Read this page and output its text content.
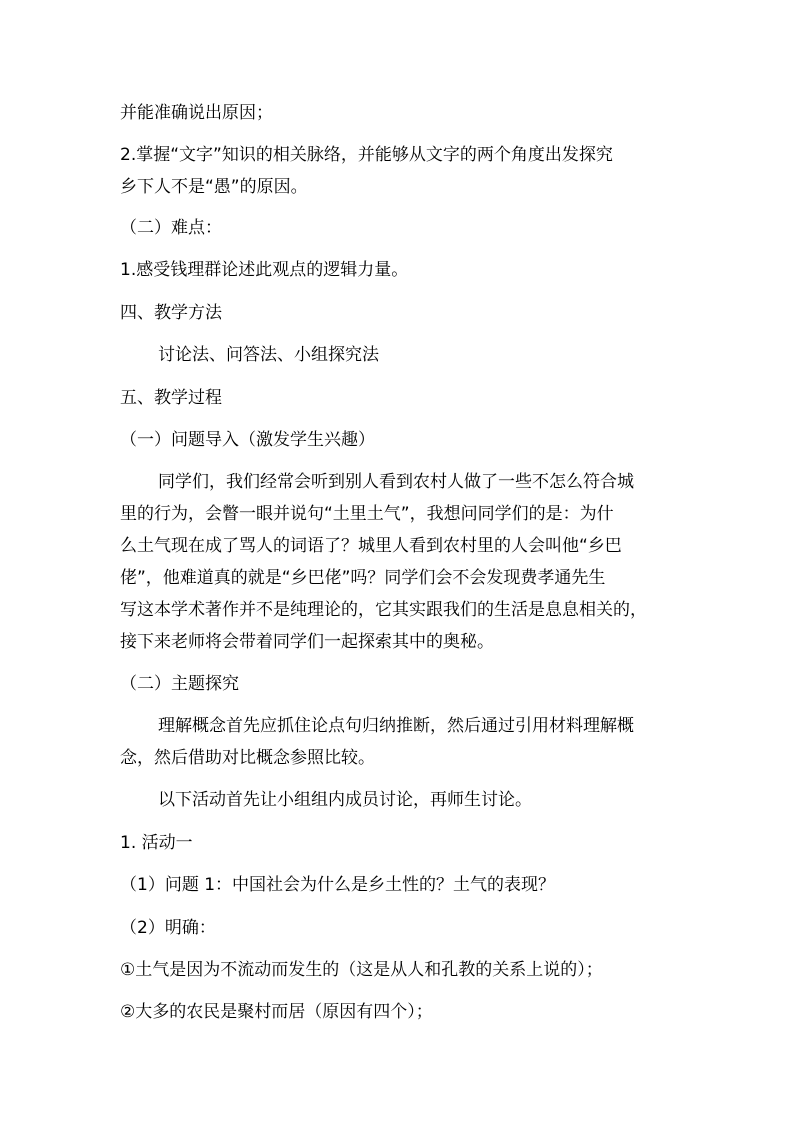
并能准确说出原因；
2.掌握“文字”知识的相关脉络，并能够从文字的两个角度出发探究
乡下人不是“愚”的原因。
（二）难点：
1.感受钱理群论述此观点的逻辑力量。
四、教学方法
讨论法、问答法、小组探究法
五、教学过程
（一）问题导入（激发学生兴趣）
同学们，我们经常会听到别人看到农村人做了一些不怎么符合城
里的行为，会瞥一眼并说句“土里土气”，我想问同学们的是：为什
么土气现在成了骂人的词语了？城里人看到农村里的人会叫他“乡巴
佬”，他难道真的就是“乡巴佬”吗？同学们会不会发现费孝通先生
写这本学术著作并不是纯理论的，它其实跟我们的生活是息息相关的，
接下来老师将会带着同学们一起探索其中的奥秘。
（二）主题探究
理解概念首先应抓住论点句归纳推断，然后通过引用材料理解概
念，然后借助对比概念参照比较。
以下活动首先让小组组内成员讨论，再师生讨论。
1. 活动一
（1）问题 1：中国社会为什么是乡土性的？土气的表现？
（2）明确：
①土气是因为不流动而发生的（这是从人和孔教的关系上说的）；
②大多的农民是聚村而居（原因有四个）；
